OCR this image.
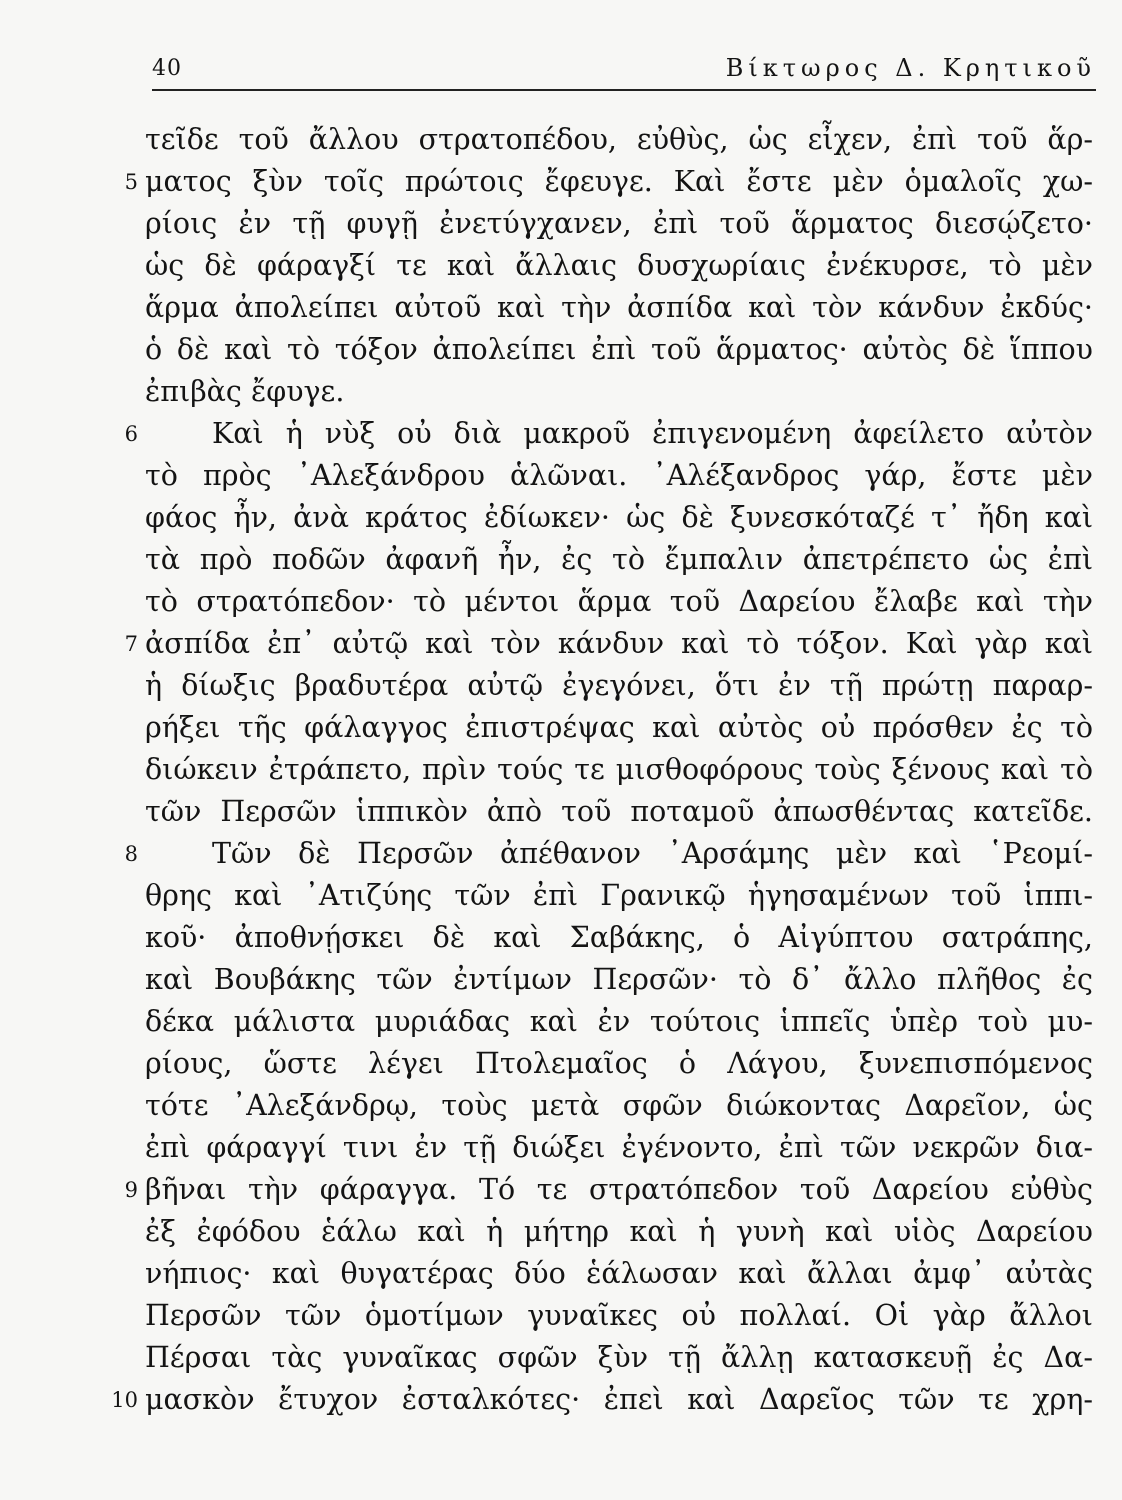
40	Βίκτωρος Δ. Κρητικοῦ
τεῖδε τοῦ ἄλλου στρατοπέδου, εὐθὺς, ὡς εἶχεν, ἐπὶ τοῦ ἅρ-
5 ματος ξὺν τοῖς πρώτοις ἔφευγε. Καὶ ἔστε μὲν ὁμαλοῖς χω-
ρίοις ἐν τῇ φυγῇ ἐνετύγχανεν, ἐπὶ τοῦ ἅρματος διεσῴζετο·
ὡς δὲ φάραγξί τε καὶ ἄλλαις δυσχωρίαις ἐνέκυρσε, τὸ μὲν
ἅρμα ἀπολείπει αὐτοῦ καὶ τὴν ἀσπίδα καὶ τὸν κάνδυν ἐκδύς·
ὁ δὲ καὶ τὸ τόξον ἀπολείπει ἐπὶ τοῦ ἅρματος· αὐτὸς δὲ ἵππου
ἐπιβὰς ἔφυγε.
6	Καὶ ἡ νὺξ οὐ διὰ μακροῦ ἐπιγενομένη ἀφείλετο αὐτὸν
τὸ πρὸς ᾿Αλεξάνδρου ἁλῶναι. ᾿Αλέξανδρος γάρ, ἔστε μὲν
φάος ἦν, ἀνὰ κράτος ἐδίωκεν· ὡς δὲ ξυνεσκόταζέ τ᾿ ἤδη καὶ
τὰ πρὸ ποδῶν ἀφανῆ ἦν, ἐς τὸ ἔμπαλιν ἀπετρέπετο ὡς ἐπὶ
τὸ στρατόπεδον· τὸ μέντοι ἅρμα τοῦ Δαρείου ἔλαβε καὶ τὴν
7 ἀσπίδα ἐπ᾿ αὐτῷ καὶ τὸν κάνδυν καὶ τὸ τόξον. Καὶ γὰρ καὶ
ἡ δίωξις βραδυτέρα αὐτῷ ἐγεγόνει, ὅτι ἐν τῇ πρώτῃ παραρ-
ρήξει τῆς φάλαγγος ἐπιστρέψας καὶ αὐτὸς οὐ πρόσθεν ἐς τὸ
διώκειν ἐτράπετο, πρὶν τούς τε μισθοφόρους τοὺς ξένους καὶ τὸ
τῶν Περσῶν ἱππικὸν ἀπὸ τοῦ ποταμοῦ ἀπωσθέντας κατεῖδε.
8	Τῶν δὲ Περσῶν ἀπέθανον ᾿Αρσάμης μὲν καὶ ῾Ρεομί-
θρης καὶ ᾿Ατιζύης τῶν ἐπὶ Γρανικῷ ἡγησαμένων τοῦ ἱππι-
κοῦ· ἀποθνῄσκει δὲ καὶ Σαβάκης, ὁ Αἰγύπτου σατράπης,
καὶ Βουβάκης τῶν ἐντίμων Περσῶν· τὸ δ᾿ ἄλλο πλῆθος ἐς
δέκα μάλιστα μυριάδας καὶ ἐν τούτοις ἱππεῖς ὑπὲρ τοὺ μυ-
ρίους, ὥστε λέγει Πτολεμαῖος ὁ Λάγου, ξυνεπισπόμενος
τότε ᾿Αλεξάνδρῳ, τοὺς μετὰ σφῶν διώκοντας Δαρεῖον, ὡς
ἐπὶ φάραγγί τινι ἐν τῇ διώξει ἐγένοντο, ἐπὶ τῶν νεκρῶν δια-
9 βῆναι τὴν φάραγγα. Τό τε στρατόπεδον τοῦ Δαρείου εὐθὺς
ἐξ ἐφόδου ἑάλω καὶ ἡ μήτηρ καὶ ἡ γυνὴ καὶ υἱὸς Δαρείου
νήπιος· καὶ θυγατέρας δύο ἑάλωσαν καὶ ἄλλαι ἀμφ᾿ αὐτὰς
Περσῶν τῶν ὁμοτίμων γυναῖκες οὐ πολλαί. Οἱ γὰρ ἄλλοι
Πέρσαι τὰς γυναῖκας σφῶν ξὺν τῇ ἄλλῃ κατασκευῇ ἐς Δα-
10 μασκὸν ἔτυχον ἐσταλκότες· ἐπεὶ καὶ Δαρεῖος τῶν τε χρη-
